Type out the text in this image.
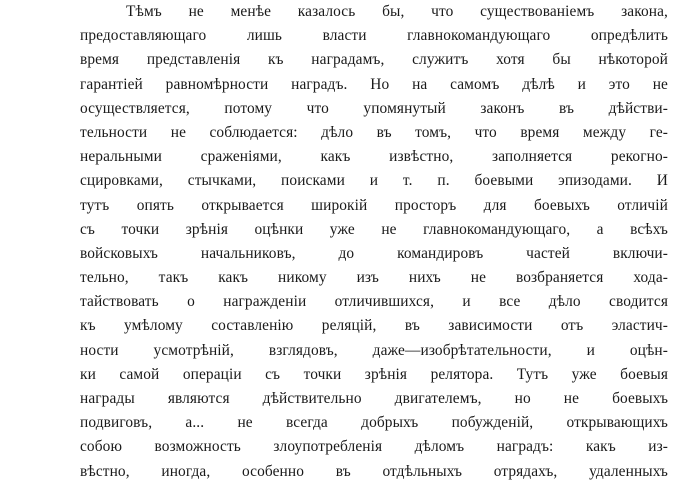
Тѣмъ не менѣе казалось бы, что существованіемъ закона,
предоставляющаго лишь власти главнокомандующаго опредѣлить
время представленія къ наградамъ, служитъ хотя бы нѣкоторой
гарантіей равномѣрности наградъ. Но на самомъ дѣлѣ и это не
осуществляется, потому что упомянутый законъ въ дѣйстви-
тельности не соблюдается: дѣло въ томъ, что время между ге-
неральными сраженіями, какъ извѣстно, заполняется рекогно-
сцировками, стычками, поисками и т. п. боевыми эпизодами. И
тутъ опять открывается широкій просторъ для боевыхъ отличій
съ точки зрѣнія оцѣнки уже не главнокомандующаго, а всѣхъ
войсковыхъ начальниковъ, до командировъ частей включи-
тельно, такъ какъ никому изъ нихъ не возбраняется хода-
тайствовать о награжденіи отличившихся, и все дѣло сводится
къ умѣлому составленію реляцій, въ зависимости отъ эластич-
ности усмотрѣній, взглядовъ, даже—изобрѣтательности, и оцѣн-
ки самой операціи съ точки зрѣнія релятора. Тутъ уже боевыя
награды являются дѣйствительно двигателемъ, но не боевыхъ
подвиговъ, а... не всегда добрыхъ побужденій, открывающихъ
собою возможность злоупотребленія дѣломъ наградъ: какъ из-
вѣстно, иногда, особенно въ отдѣльныхъ отрядахъ, удаленныхъ
